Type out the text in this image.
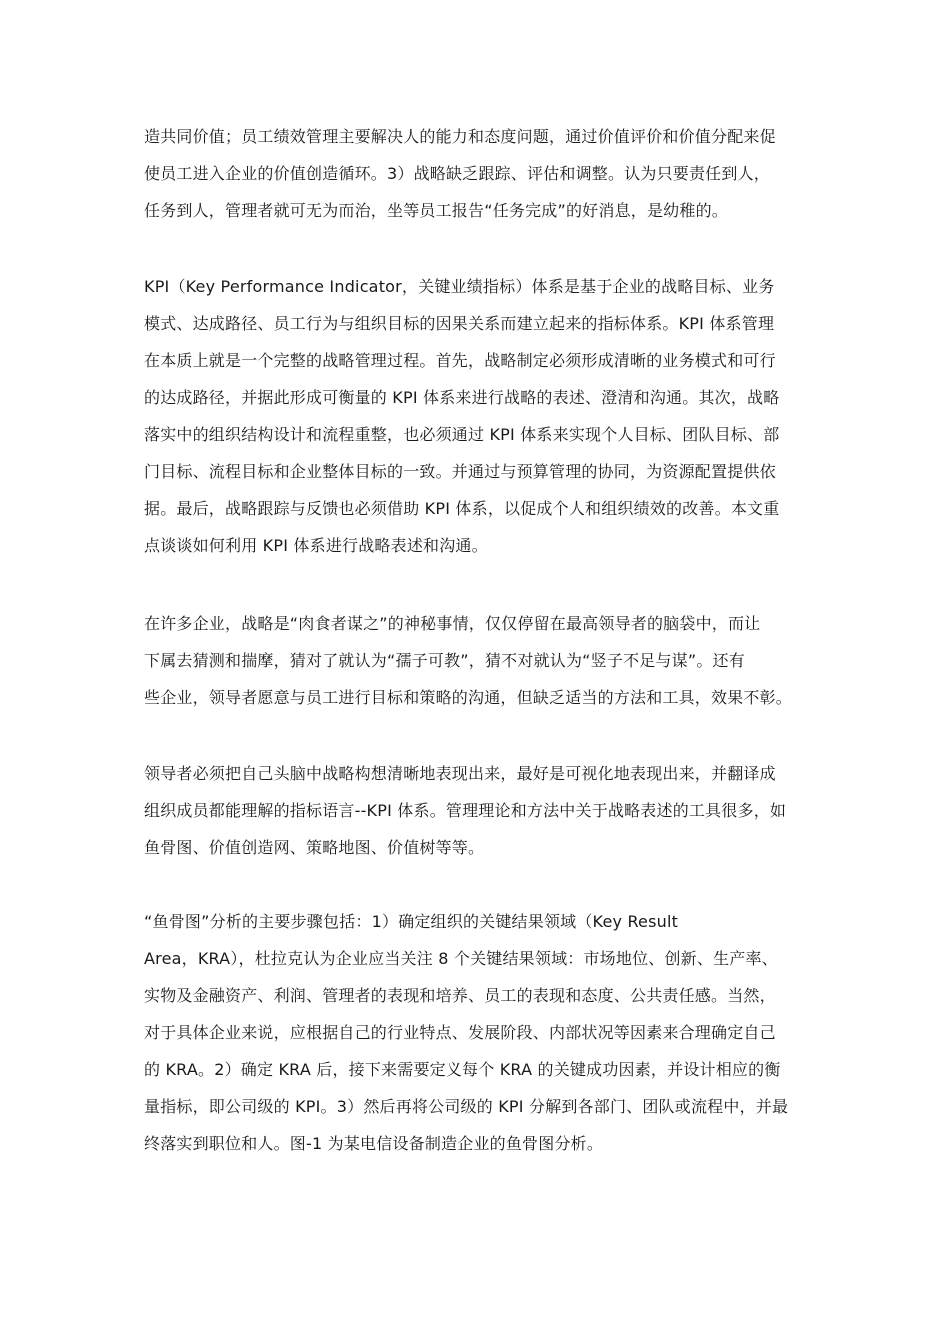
造共同价值；员工绩效管理主要解决人的能力和态度问题，通过价值评价和价值分配来促
使员工进入企业的价值创造循环。3）战略缺乏跟踪、评估和调整。认为只要责任到人，
任务到人，管理者就可无为而治，坐等员工报告“任务完成”的好消息，是幼稚的。
KPI（Key Performance Indicator，关键业绩指标）体系是基于企业的战略目标、业务
模式、达成路径、员工行为与组织目标的因果关系而建立起来的指标体系。KPI 体系管理
在本质上就是一个完整的战略管理过程。首先，战略制定必须形成清晰的业务模式和可行
的达成路径，并据此形成可衡量的 KPI 体系来进行战略的表述、澄清和沟通。其次，战略
落实中的组织结构设计和流程重整，也必须通过 KPI 体系来实现个人目标、团队目标、部
门目标、流程目标和企业整体目标的一致。并通过与预算管理的协同，为资源配置提供依
据。最后，战略跟踪与反馈也必须借助 KPI 体系，以促成个人和组织绩效的改善。本文重
点谈谈如何利用 KPI 体系进行战略表述和沟通。
在许多企业，战略是“肉食者谋之”的神秘事情，仅仅停留在最高领导者的脑袋中，而让
下属去猜测和揣摩，猜对了就认为“孺子可教”，猜不对就认为“竖子不足与谋”。还有
些企业，领导者愿意与员工进行目标和策略的沟通，但缺乏适当的方法和工具，效果不彰。
领导者必须把自己头脑中战略构想清晰地表现出来，最好是可视化地表现出来，并翻译成
组织成员都能理解的指标语言--KPI 体系。管理理论和方法中关于战略表述的工具很多，如
鱼骨图、价值创造网、策略地图、价值树等等。
“鱼骨图”分析的主要步骤包括：1）确定组织的关键结果领域（Key Result
Area，KRA），杜拉克认为企业应当关注 8 个关键结果领域：市场地位、创新、生产率、
实物及金融资产、利润、管理者的表现和培养、员工的表现和态度、公共责任感。当然，
对于具体企业来说，应根据自己的行业特点、发展阶段、内部状况等因素来合理确定自己
的 KRA。2）确定 KRA 后，接下来需要定义每个 KRA 的关键成功因素，并设计相应的衡
量指标，即公司级的 KPI。3）然后再将公司级的 KPI 分解到各部门、团队或流程中，并最
终落实到职位和人。图-1 为某电信设备制造企业的鱼骨图分析。
